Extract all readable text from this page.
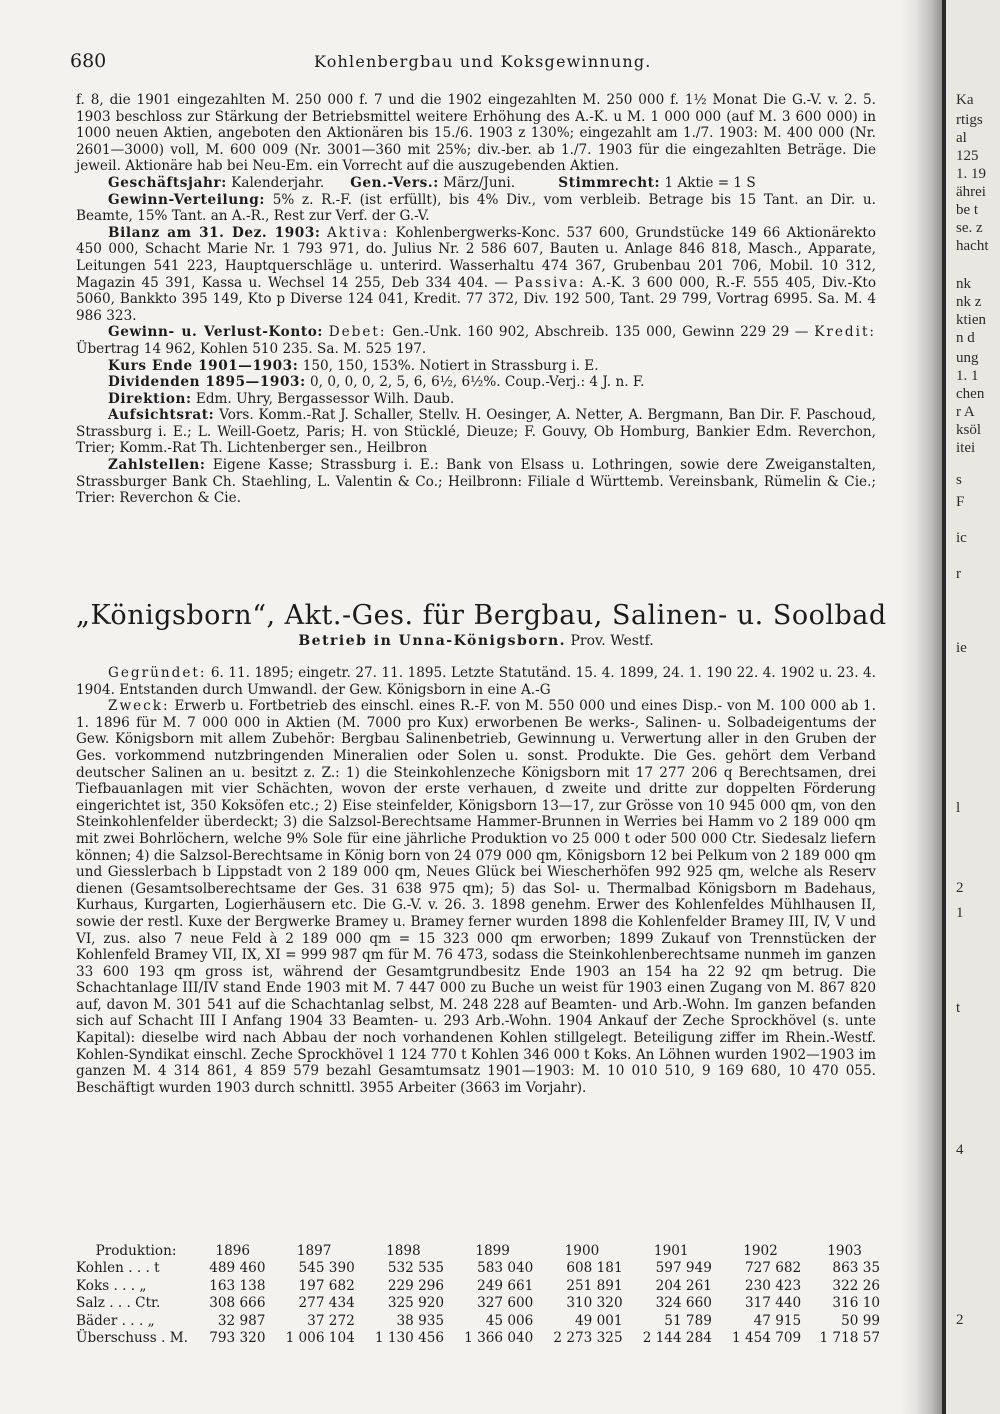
680	Kohlenbergbau und Koksgewinnung.

f. 8, die 1901 eingezahlten M. 250 000 f. 7 und die 1902 eingezahlten M. 250 000 f. 1½ Monat Die G.-V. v. 2. 5. 1903 beschloss zur Stärkung der Betriebsmittel weitere Erhöhung des A.-K. u M. 1 000 000 (auf M. 3 600 000) in 1000 neuen Aktien, angeboten den Aktionären bis 15./6. 1903 z 130%; eingezahlt am 1./7. 1903: M. 400 000 (Nr. 2601—3000) voll, M. 600 009 (Nr. 3001—360 mit 25%; div.-ber. ab 1./7. 1903 für die eingezahlten Beträge. Die jeweil. Aktionäre hab bei Neu-Em. ein Vorrecht auf die auszugebenden Aktien.

Geschäftsjahr: Kalenderjahr. Gen.-Vers.: März/Juni.	Stimmrecht: 1 Aktie = 1 S

Gewinn-Verteilung: 5% z. R.-F. (ist erfüllt), bis 4% Div., vom verbleib. Betrage bis 15 Tant. an Dir. u. Beamte, 15% Tant. an A.-R., Rest zur Verf. der G.-V.

Bilanz am 31. Dez. 1903: Aktiva: Kohlenbergwerks-Konc. 537 600, Grundstücke 149 66 Aktionärekto 450 000, Schacht Marie Nr. 1 793 971, do. Julius Nr. 2 586 607, Bauten u. Anlage 846 818, Masch., Apparate, Leitungen 541 223, Hauptquerschläge u. unterird. Wasserhaltu 474 367, Grubenbau 201 706, Mobil. 10 312, Magazin 45 391, Kassa u. Wechsel 14 255, Deb 334 404. — Passiva: A.-K. 3 600 000, R.-F. 555 405, Div.-Kto 5060, Bankkto 395 149, Kto p Diverse 124 041, Kredit. 77 372, Div. 192 500, Tant. 29 799, Vortrag 6995. Sa. M. 4 986 323.

Gewinn- u. Verlust-Konto: Debet: Gen.-Unk. 160 902, Abschreib. 135 000, Gewinn 229 29 — Kredit: Übertrag 14 962, Kohlen 510 235. Sa. M. 525 197.

Kurs Ende 1901—1903: 150, 150, 153%. Notiert in Strassburg i. E.

Dividenden 1895—1903: 0, 0, 0, 0, 2, 5, 6, 6½, 6½%. Coup.-Verj.: 4 J. n. F.

Direktion: Edm. Uhry, Bergassessor Wilh. Daub.

Aufsichtsrat: Vors. Komm.-Rat J. Schaller, Stellv. H. Oesinger, A. Netter, A. Bergmann, Ban Dir. F. Paschoud, Strassburg i. E.; L. Weill-Goetz, Paris; H. von Stücklé, Dieuze; F. Gouvy, Ob Homburg, Bankier Edm. Reverchon, Trier; Komm.-Rat Th. Lichtenberger sen., Heilbron

Zahlstellen: Eigene Kasse; Strassburg i. E.: Bank von Elsass u. Lothringen, sowie dere Zweiganstalten, Strassburger Bank Ch. Staehling, L. Valentin & Co.; Heilbronn: Filiale d Württemb. Vereinsbank, Rümelin & Cie.; Trier: Reverchon & Cie.

„Königsborn“, Akt.-Ges. für Bergbau, Salinen- u. Soolbad
Betrieb in Unna-Königsborn. Prov. Westf.

Gegründet: 6. 11. 1895; eingetr. 27. 11. 1895. Letzte Statutänd. 15. 4. 1899, 24. 1. 190 22. 4. 1902 u. 23. 4. 1904. Entstanden durch Umwandl. der Gew. Königsborn in eine A.-G

Zweck: Erwerb u. Fortbetrieb des einschl. eines R.-F. von M. 550 000 und eines Disp.- von M. 100 000 ab 1. 1. 1896 für M. 7 000 000 in Aktien (M. 7000 pro Kux) erworbenen Be werks-, Salinen- u. Solbadeigentums der Gew. Königsborn mit allem Zubehör: Bergbau Salinenbetrieb, Gewinnung u. Verwertung aller in den Gruben der Ges. vorkommend nutzbringenden Mineralien oder Solen u. sonst. Produkte. Die Ges. gehört dem Verband deutscher Salinen an u. besitzt z. Z.: 1) die Steinkohlenzeche Königsborn mit 17 277 206 q Berechtsamen, drei Tiefbauanlagen mit vier Schächten, wovon der erste verhauen, d zweite und dritte zur doppelten Förderung eingerichtet ist, 350 Koksöfen etc.; 2) Eise steinfelder, Königsborn 13—17, zur Grösse von 10 945 000 qm, von den Steinkohlenfelder überdeckt; 3) die Salzsol-Berechtsame Hammer-Brunnen in Werries bei Hamm vo 2 189 000 qm mit zwei Bohrlöchern, welche 9% Sole für eine jährliche Produktion vo 25 000 t oder 500 000 Ctr. Siedesalz liefern können; 4) die Salzsol-Berechtsame in König born von 24 079 000 qm, Königsborn 12 bei Pelkum von 2 189 000 qm und Giesslerbach b Lippstadt von 2 189 000 qm, Neues Glück bei Wiescherhöfen 992 925 qm, welche als Reserv dienen (Gesamtsolberechtsame der Ges. 31 638 975 qm); 5) das Sol- u. Thermalbad Königsborn m Badehaus, Kurhaus, Kurgarten, Logierhäusern etc. Die G.-V. v. 26. 3. 1898 genehm. Erwer des Kohlenfeldes Mühlhausen II, sowie der restl. Kuxe der Bergwerke Bramey u. Bramey ferner wurden 1898 die Kohlenfelder Bramey III, IV, V und VI, zus. also 7 neue Feld à 2 189 000 qm = 15 323 000 qm erworben; 1899 Zukauf von Trennstücken der Kohlenfeld Bramey VII, IX, XI = 999 987 qm für M. 76 473, sodass die Steinkohlenberechtsame nunmeh im ganzen 33 600 193 qm gross ist, während der Gesamtgrundbesitz Ende 1903 an 154 ha 22 92 qm betrug. Die Schachtanlage III/IV stand Ende 1903 mit M. 7 447 000 zu Buche un weist für 1903 einen Zugang von M. 867 820 auf, davon M. 301 541 auf die Schachtanlag selbst, M. 248 228 auf Beamten- und Arb.-Wohn. Im ganzen befanden sich auf Schacht III I Anfang 1904 33 Beamten- u. 293 Arb.-Wohn. 1904 Ankauf der Zeche Sprockhövel (s. unte Kapital): dieselbe wird nach Abbau der noch vorhandenen Kohlen stillgelegt. Beteiligung ziffer im Rhein.-Westf. Kohlen-Syndikat einschl. Zeche Sprockhövel 1 124 770 t Kohlen 346 000 t Koks. An Löhnen wurden 1902—1903 im ganzen M. 4 314 861, 4 859 579 bezahl Gesamtumsatz 1901—1903: M. 10 010 510, 9 169 680, 10 470 055. Beschäftigt wurden 1903 durch schnittl. 3955 Arbeiter (3663 im Vorjahr).

Produktion:	1896	1897	1898	1899	1900	1901	1902	1903
Kohlen . . . t	489 460	545 390	532 535	583 040	608 181	597 949	727 682	863 35
Koks . . . „	163 138	197 682	229 296	249 661	251 891	204 261	230 423	322 26
Salz . . . Ctr.	308 666	277 434	325 920	327 600	310 320	324 660	317 440	316 10
Bäder . . . „	32 987	37 272	38 935	45 006	49 001	51 789	47 915	50 99
Überschuss . M.	793 320	1 006 104	1 130 456	1 366 040	2 273 325	2 144 284	1 454 709	1 718 57
Ka
rtigs
al
125
1. 19
ährei
be t
se. z
hacht
nk
nk z
ktien
n d
ung
1. 1
chen
r A
ksöl
itei
s
F
ic
r
ie
l
2
1
t
4
2
